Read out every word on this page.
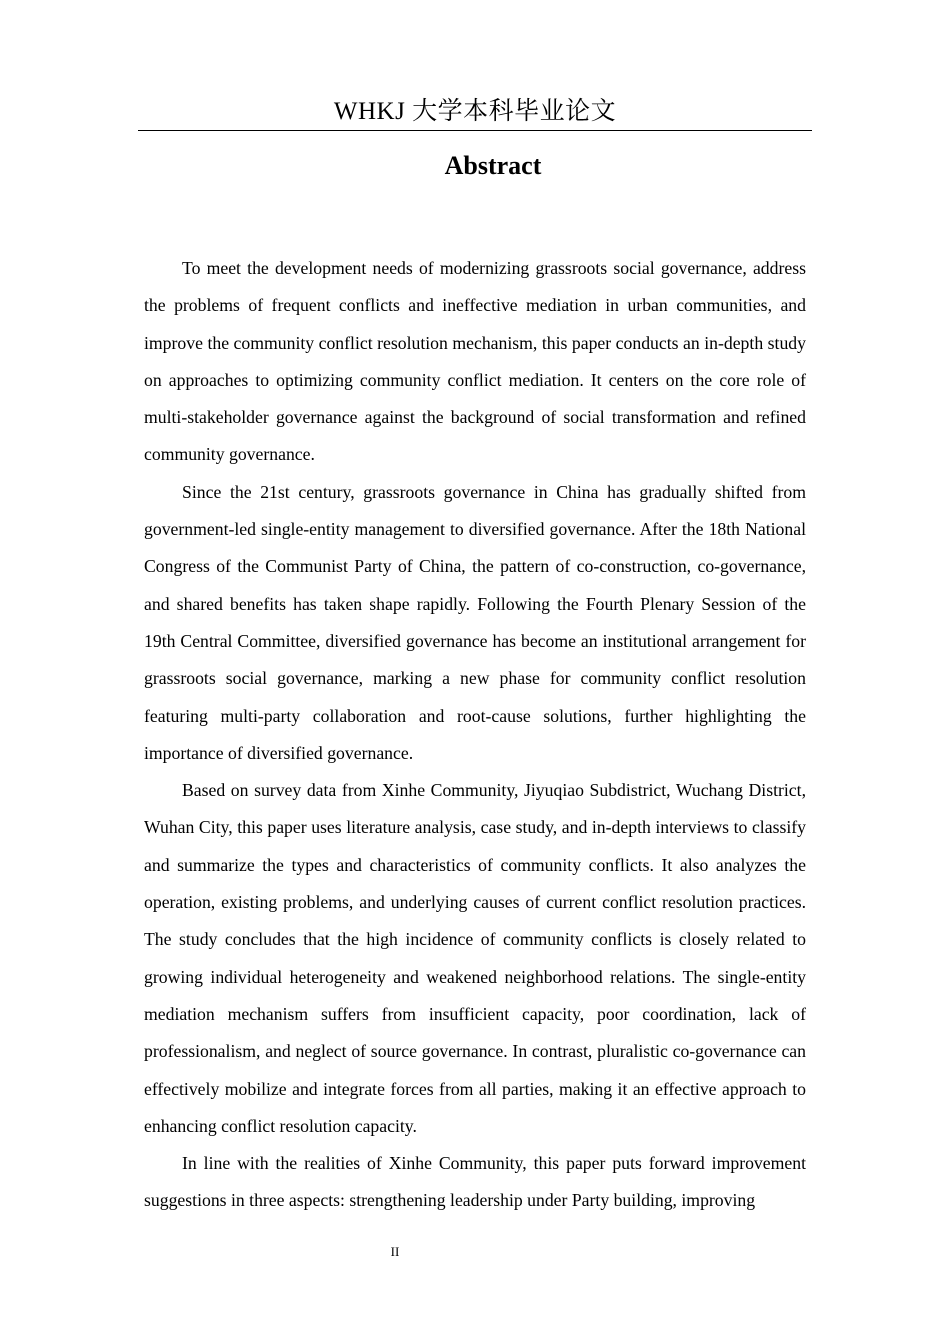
WHKJ 大学本科毕业论文
Abstract

To meet the development needs of modernizing grassroots social governance, address the problems of frequent conflicts and ineffective mediation in urban communities, and improve the community conflict resolution mechanism, this paper conducts an in-depth study on approaches to optimizing community conflict mediation. It centers on the core role of multi-stakeholder governance against the background of social transformation and refined community governance.

Since the 21st century, grassroots governance in China has gradually shifted from government-led single-entity management to diversified governance. After the 18th National Congress of the Communist Party of China, the pattern of co-construction, co-governance, and shared benefits has taken shape rapidly. Following the Fourth Plenary Session of the 19th Central Committee, diversified governance has become an institutional arrangement for grassroots social governance, marking a new phase for community conflict resolution featuring multi-party collaboration and root-cause solutions, further highlighting the importance of diversified governance.

Based on survey data from Xinhe Community, Jiyuqiao Subdistrict, Wuchang District, Wuhan City, this paper uses literature analysis, case study, and in-depth interviews to classify and summarize the types and characteristics of community conflicts. It also analyzes the operation, existing problems, and underlying causes of current conflict resolution practices. The study concludes that the high incidence of community conflicts is closely related to growing individual heterogeneity and weakened neighborhood relations. The single-entity mediation mechanism suffers from insufficient capacity, poor coordination, lack of professionalism, and neglect of source governance. In contrast, pluralistic co-governance can effectively mobilize and integrate forces from all parties, making it an effective approach to enhancing conflict resolution capacity.

In line with the realities of Xinhe Community, this paper puts forward improvement suggestions in three aspects: strengthening leadership under Party building, improving

II
